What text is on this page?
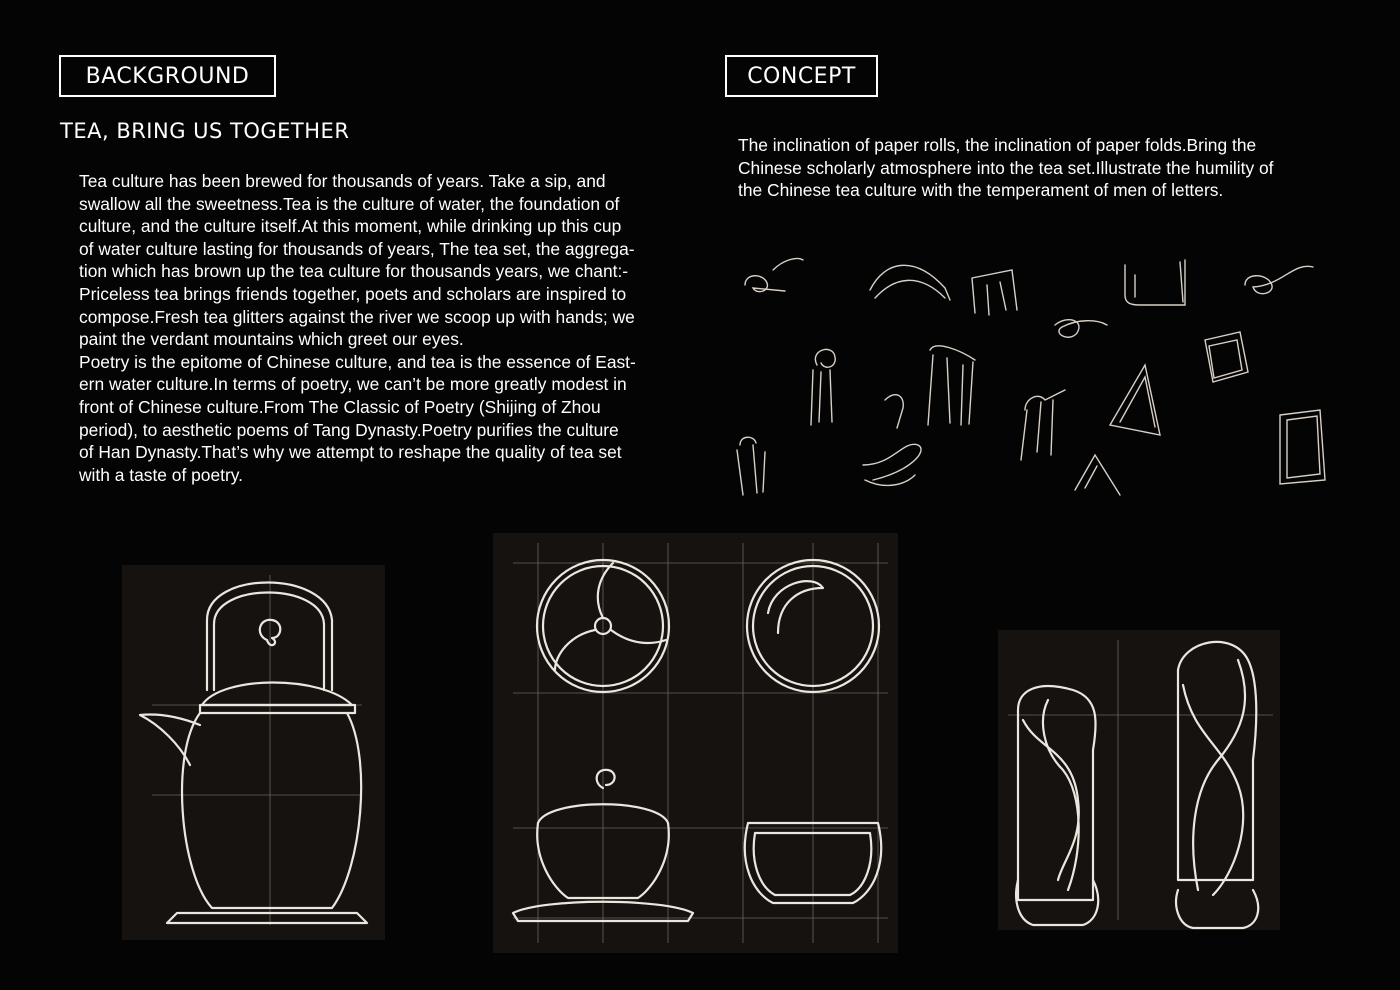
BACKGROUND	CONCEPT
TEA, BRING US TOGETHER

Tea culture has been brewed for thousands of years. Take a sip, and
swallow all the sweetness.Tea is the culture of water, the foundation of
culture, and the culture itself.At this moment, while drinking up this cup
of water culture lasting for thousands of years, The tea set, the aggrega-
tion which has brown up the tea culture for thousands years, we chant:-
Priceless tea brings friends together, poets and scholars are inspired to
compose.Fresh tea glitters against the river we scoop up with hands; we
paint the verdant mountains which greet our eyes.

Poetry is the epitome of Chinese culture, and tea is the essence of East-
ern water culture.In terms of poetry, we can’t be more greatly modest in
front of Chinese culture.From The Classic of Poetry (Shijing of Zhou
period), to aesthetic poems of Tang Dynasty.Poetry purifies the culture
of Han Dynasty.That’s why we attempt to reshape the quality of tea set
with a taste of poetry.

The inclination of paper rolls, the inclination of paper folds.Bring the
Chinese scholarly atmosphere into the tea set.Illustrate the humility of
the Chinese tea culture with the temperament of men of letters.
